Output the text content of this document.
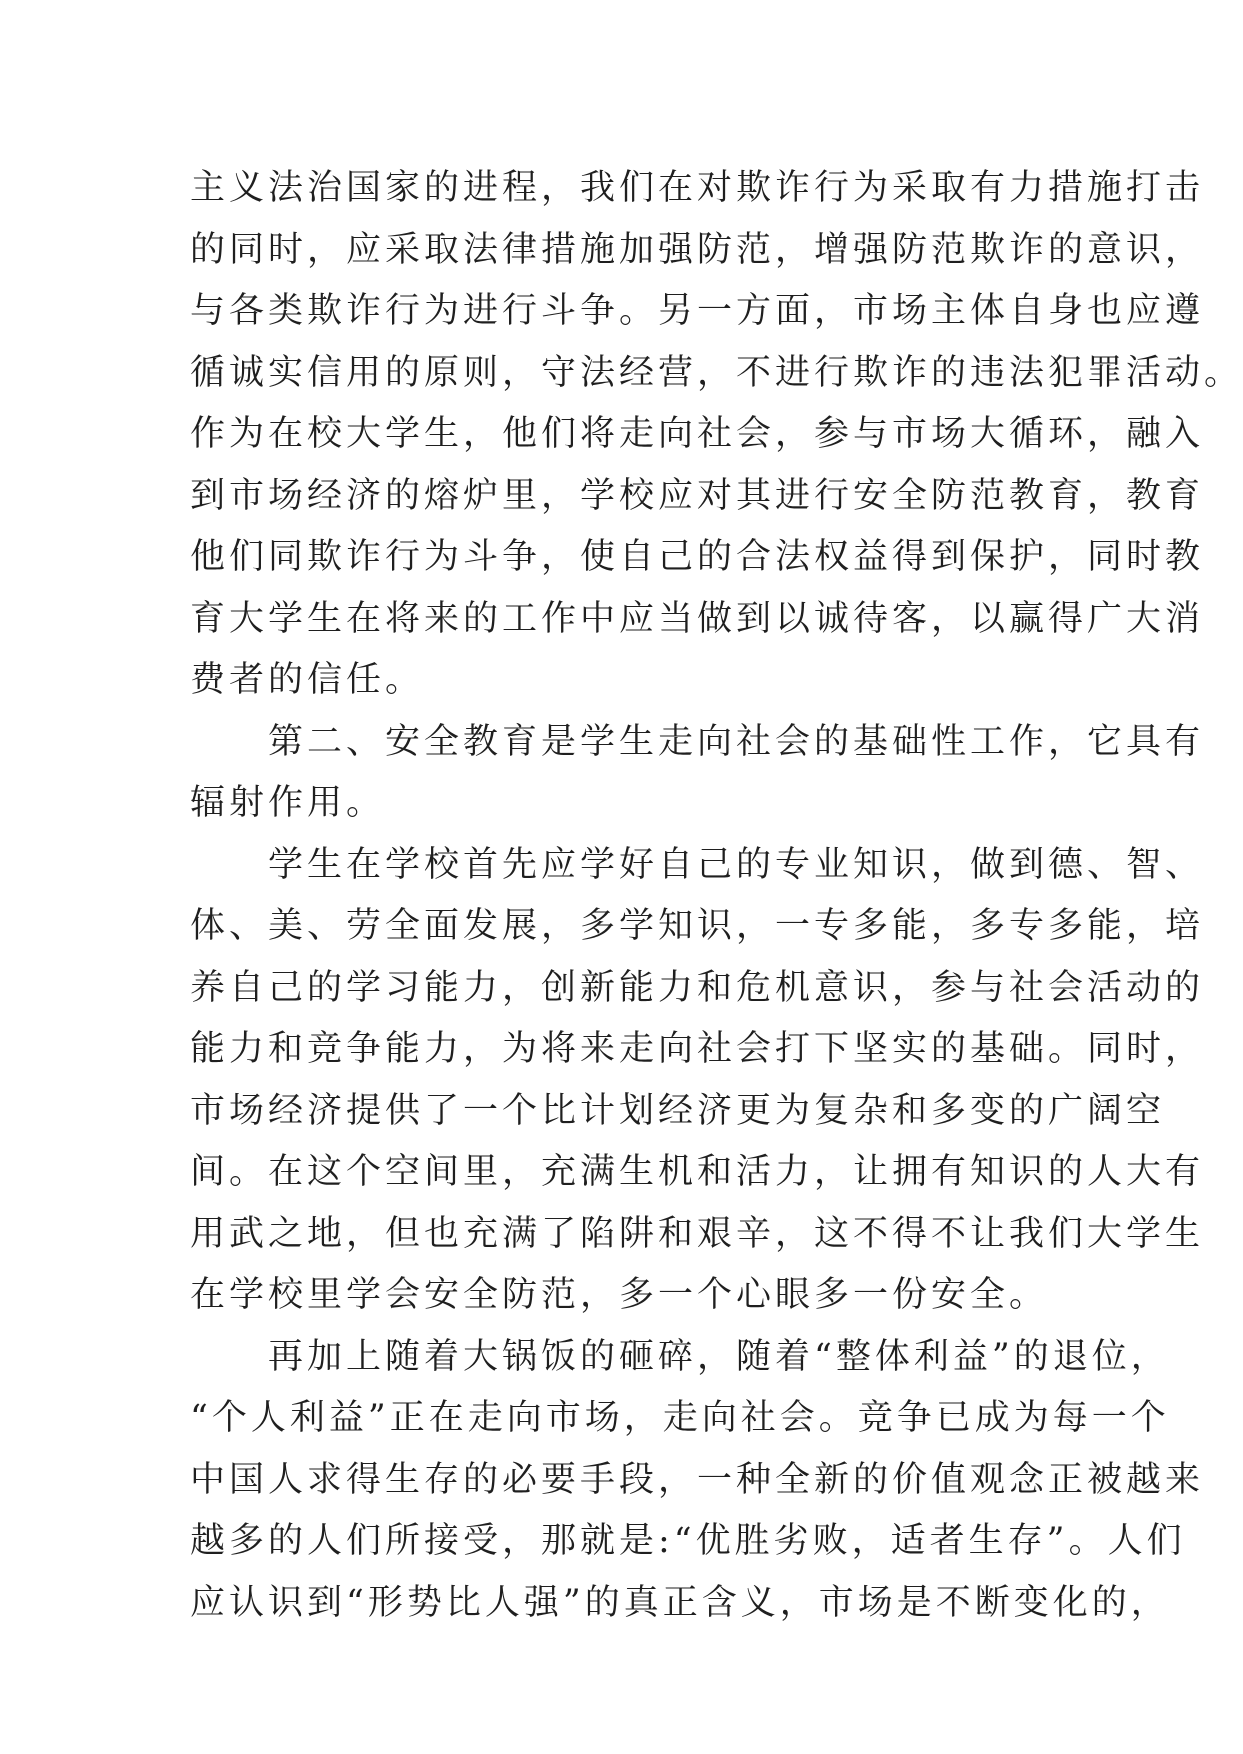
主义法治国家的进程，我们在对欺诈行为采取有力措施打击
的同时，应采取法律措施加强防范，增强防范欺诈的意识，
与各类欺诈行为进行斗争。另一方面，市场主体自身也应遵
循诚实信用的原则，守法经营，不进行欺诈的违法犯罪活动。
作为在校大学生，他们将走向社会，参与市场大循环，融入
到市场经济的熔炉里，学校应对其进行安全防范教育，教育
他们同欺诈行为斗争，使自己的合法权益得到保护，同时教
育大学生在将来的工作中应当做到以诚待客，以赢得广大消
费者的信任。
第二、安全教育是学生走向社会的基础性工作，它具有
辐射作用。
学生在学校首先应学好自己的专业知识，做到德、智、
体、美、劳全面发展，多学知识，一专多能，多专多能，培
养自己的学习能力，创新能力和危机意识，参与社会活动的
能力和竞争能力，为将来走向社会打下坚实的基础。同时，
市场经济提供了一个比计划经济更为复杂和多变的广阔空
间。在这个空间里，充满生机和活力，让拥有知识的人大有
用武之地，但也充满了陷阱和艰辛，这不得不让我们大学生
在学校里学会安全防范，多一个心眼多一份安全。
再加上随着大锅饭的砸碎，随着“整体利益”的退位，
“个人利益”正在走向市场，走向社会。竞争已成为每一个
中国人求得生存的必要手段，一种全新的价值观念正被越来
越多的人们所接受，那就是:“优胜劣败，适者生存”。人们
应认识到“形势比人强”的真正含义，市场是不断变化的，
